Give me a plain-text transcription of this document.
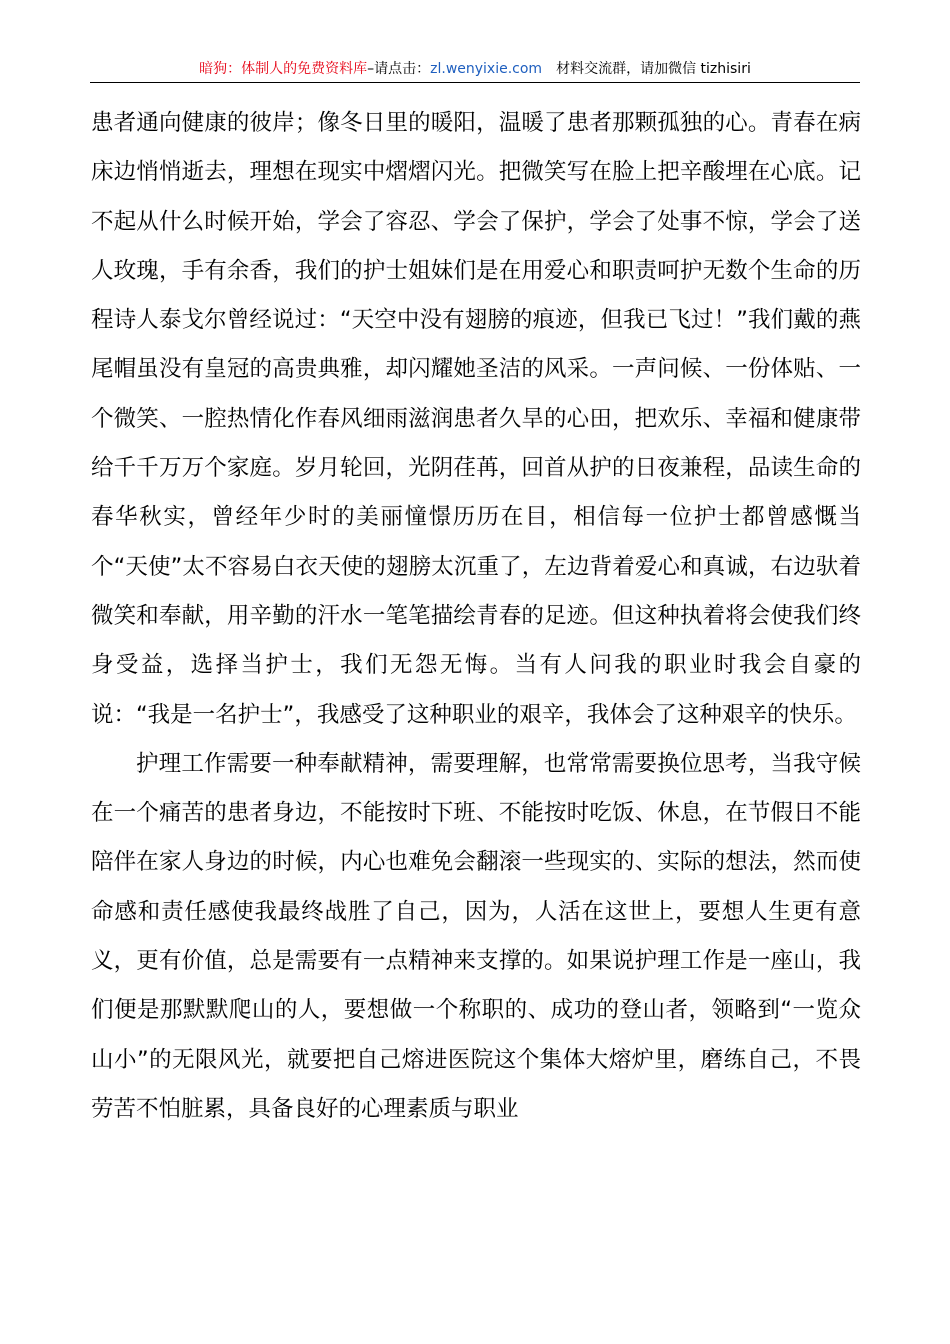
暗狗：体制人的免费资料库–请点击：zl.wenyixie.com 材料交流群，请加微信 tizhisiri

患者通向健康的彼岸；像冬日里的暖阳，温暖了患者那颗孤独的心。青春在病床边悄悄逝去，理想在现实中熠熠闪光。把微笑写在脸上把辛酸埋在心底。记不起从什么时候开始，学会了容忍、学会了保护，学会了处事不惊，学会了送人玫瑰，手有余香，我们的护士姐妹们是在用爱心和职责呵护无数个生命的历程诗人泰戈尔曾经说过：“天空中没有翅膀的痕迹，但我已飞过！”我们戴的燕尾帽虽没有皇冠的高贵典雅，却闪耀她圣洁的风采。一声问候、一份体贴、一个微笑、一腔热情化作春风细雨滋润患者久旱的心田，把欢乐、幸福和健康带给千千万万个家庭。岁月轮回，光阴荏苒，回首从护的日夜兼程，品读生命的春华秋实，曾经年少时的美丽憧憬历历在目，相信每一位护士都曾感慨当个“天使”太不容易白衣天使的翅膀太沉重了，左边背着爱心和真诚，右边驮着微笑和奉献，用辛勤的汗水一笔笔描绘青春的足迹。但这种执着将会使我们终身受益，选择当护士，我们无怨无悔。当有人问我的职业时我会自豪的说：“我是一名护士”，我感受了这种职业的艰辛，我体会了这种艰辛的快乐。

护理工作需要一种奉献精神，需要理解，也常常需要换位思考，当我守候在一个痛苦的患者身边，不能按时下班、不能按时吃饭、休息，在节假日不能陪伴在家人身边的时候，内心也难免会翻滚一些现实的、实际的想法，然而使命感和责任感使我最终战胜了自己，因为，人活在这世上，要想人生更有意义，更有价值，总是需要有一点精神来支撑的。如果说护理工作是一座山，我们便是那默默爬山的人，要想做一个称职的、成功的登山者，领略到“一览众山小”的无限风光，就要把自己熔进医院这个集体大熔炉里，磨练自己，不畏劳苦不怕脏累，具备良好的心理素质与职业
